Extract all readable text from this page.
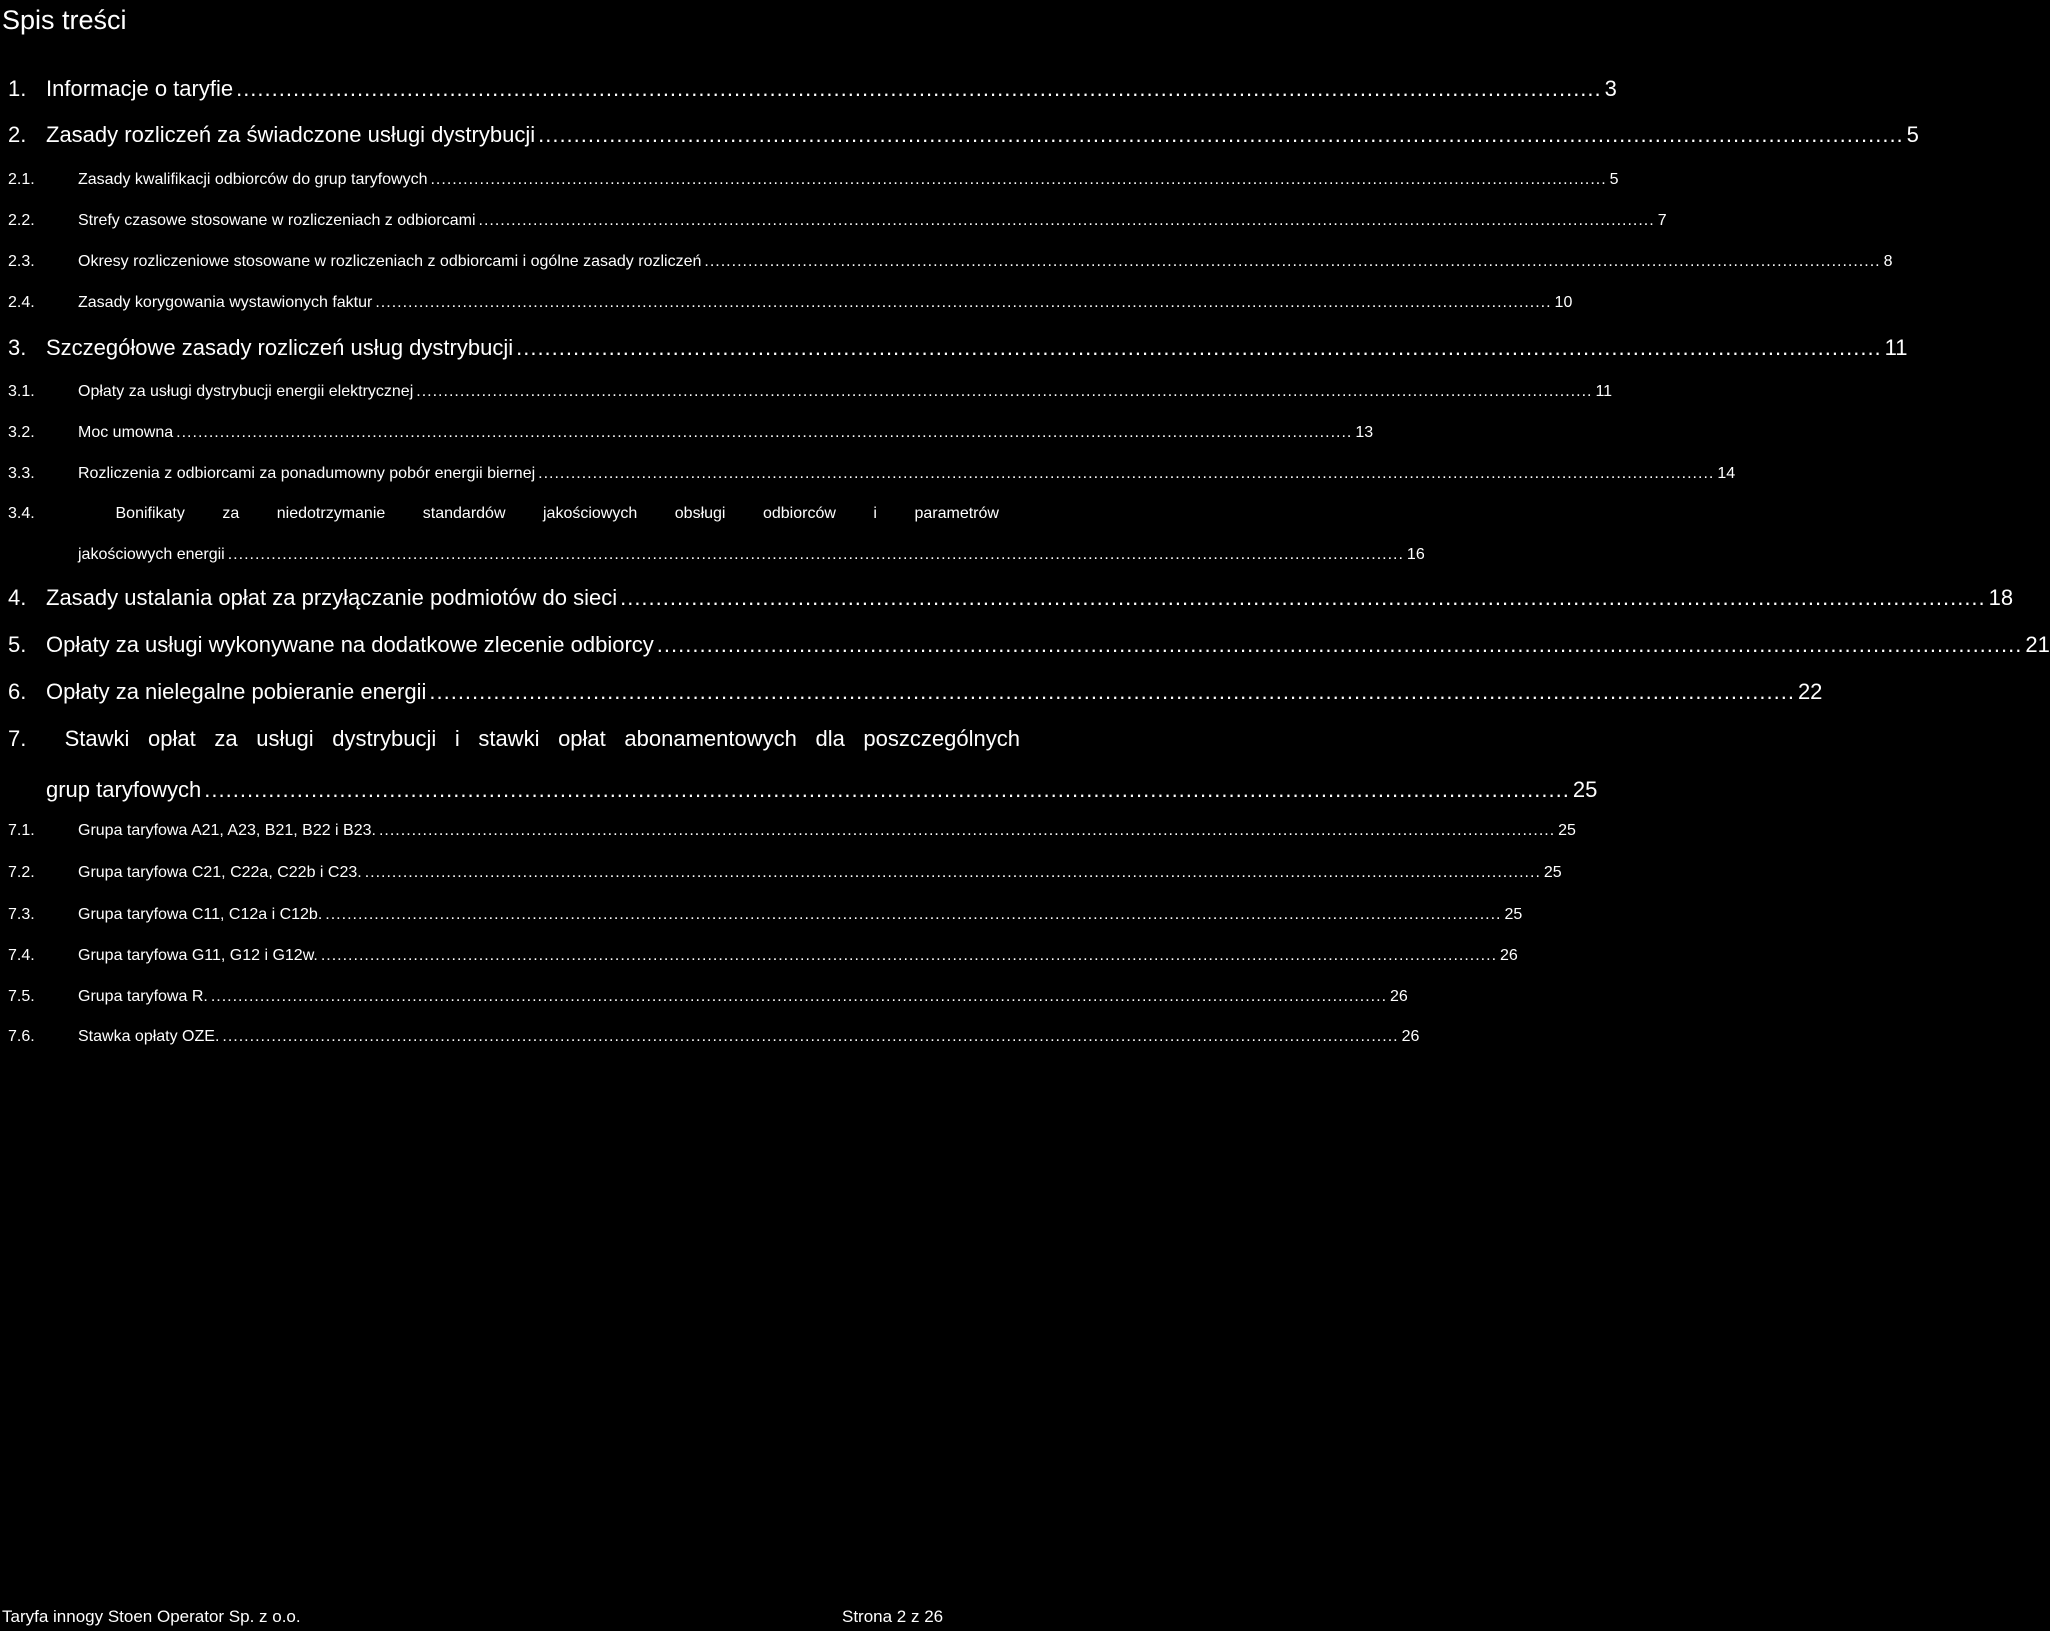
Spis treści
1. Informacje o taryfie ................................................................................................................................................................................................ 3
2. Zasady rozliczeń za świadczone usługi dystrybucji ................................................................................................................................................................................................ 5
2.1.	Zasady kwalifikacji odbiorców do grup taryfowych ........................................................................................................................................................................................................................ 5
2.2.	Strefy czasowe stosowane w rozliczeniach z odbiorcami ........................................................................................................................................................................................................................ 7
2.3.	Okresy rozliczeniowe stosowane w rozliczeniach z odbiorcami i ogólne zasady rozliczeń ........................................................................................................................................................................................................................ 8
2.4.	Zasady korygowania wystawionych faktur ........................................................................................................................................................................................................................ 10
3. Szczegółowe zasady rozliczeń usług dystrybucji ................................................................................................................................................................................................ 11
3.1.	Opłaty za usługi dystrybucji energii elektrycznej ........................................................................................................................................................................................................................ 11
3.2.	Moc umowna ........................................................................................................................................................................................................................ 13
3.3.	Rozliczenia z odbiorcami za ponadumowny pobór energii biernej ........................................................................................................................................................................................................................ 14
3.4.	Bonifikaty za niedotrzymanie standardów jakościowych obsługi odbiorców i parametrów
jakościowych energii ........................................................................................................................................................................................................................ 16
4. Zasady ustalania opłat za przyłączanie podmiotów do sieci ................................................................................................................................................................................................ 18
5. Opłaty za usługi wykonywane na dodatkowe zlecenie odbiorcy ................................................................................................................................................................................................ 21
6. Opłaty za nielegalne pobieranie energii ................................................................................................................................................................................................ 22
7.	Stawki opłat za usługi dystrybucji i stawki opłat abonamentowych dla poszczególnych
grup taryfowych ................................................................................................................................................................................................ 25
7.1.	Grupa taryfowa A21, A23, B21, B22 i B23. ........................................................................................................................................................................................................................ 25
7.2.	Grupa taryfowa C21, C22a, C22b i C23. ........................................................................................................................................................................................................................ 25
7.3.	Grupa taryfowa C11, C12a i C12b. ........................................................................................................................................................................................................................ 25
7.4.	Grupa taryfowa G11, G12 i G12w. ........................................................................................................................................................................................................................ 26
7.5.	Grupa taryfowa R. ........................................................................................................................................................................................................................ 26
7.6.	Stawka opłaty OZE. ........................................................................................................................................................................................................................ 26
Taryfa innogy Stoen Operator Sp. z o.o.	Strona 2 z 26
